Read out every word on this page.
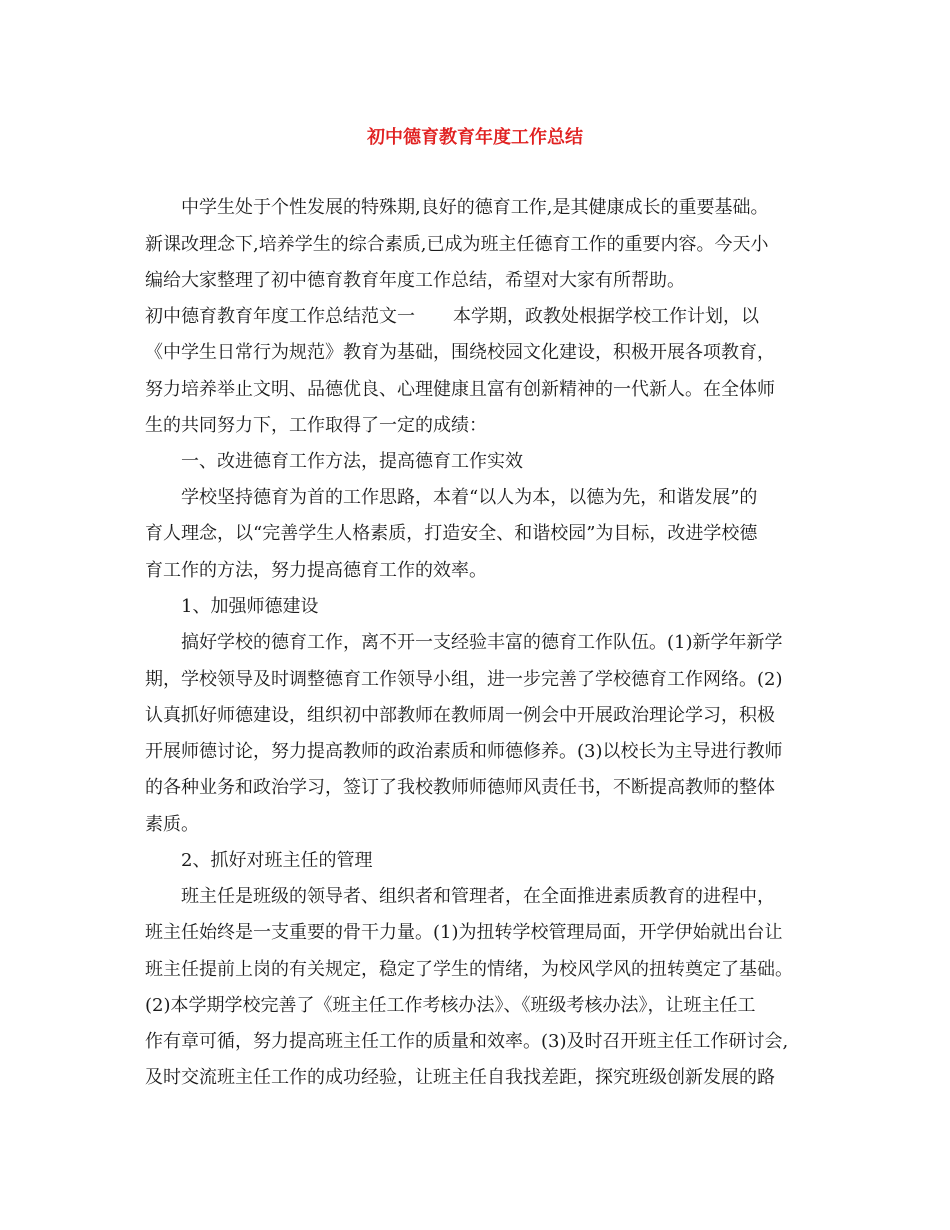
初中德育教育年度工作总结
中学生处于个性发展的特殊期,良好的德育工作,是其健康成长的重要基础。
新课改理念下,培养学生的综合素质,已成为班主任德育工作的重要内容。今天小
编给大家整理了初中德育教育年度工作总结，希望对大家有所帮助。
初中德育教育年度工作总结范文一 本学期，政教处根据学校工作计划，以
《中学生日常行为规范》教育为基础，围绕校园文化建设，积极开展各项教育，
努力培养举止文明、品德优良、心理健康且富有创新精神的一代新人。在全体师
生的共同努力下，工作取得了一定的成绩：
一、改进德育工作方法，提高德育工作实效
学校坚持德育为首的工作思路，本着“以人为本，以德为先，和谐发展”的
育人理念，以“完善学生人格素质，打造安全、和谐校园”为目标，改进学校德
育工作的方法，努力提高德育工作的效率。
1、加强师德建设
搞好学校的德育工作，离不开一支经验丰富的德育工作队伍。(1)新学年新学
期，学校领导及时调整德育工作领导小组，进一步完善了学校德育工作网络。(2)
认真抓好师德建设，组织初中部教师在教师周一例会中开展政治理论学习，积极
开展师德讨论，努力提高教师的政治素质和师德修养。(3)以校长为主导进行教师
的各种业务和政治学习，签订了我校教师师德师风责任书，不断提高教师的整体
素质。
2、抓好对班主任的管理
班主任是班级的领导者、组织者和管理者，在全面推进素质教育的进程中，
班主任始终是一支重要的骨干力量。(1)为扭转学校管理局面，开学伊始就出台让
班主任提前上岗的有关规定，稳定了学生的情绪，为校风学风的扭转奠定了基础。
(2)本学期学校完善了《班主任工作考核办法》、《班级考核办法》，让班主任工
作有章可循，努力提高班主任工作的质量和效率。(3)及时召开班主任工作研讨会,
及时交流班主任工作的成功经验，让班主任自我找差距，探究班级创新发展的路
